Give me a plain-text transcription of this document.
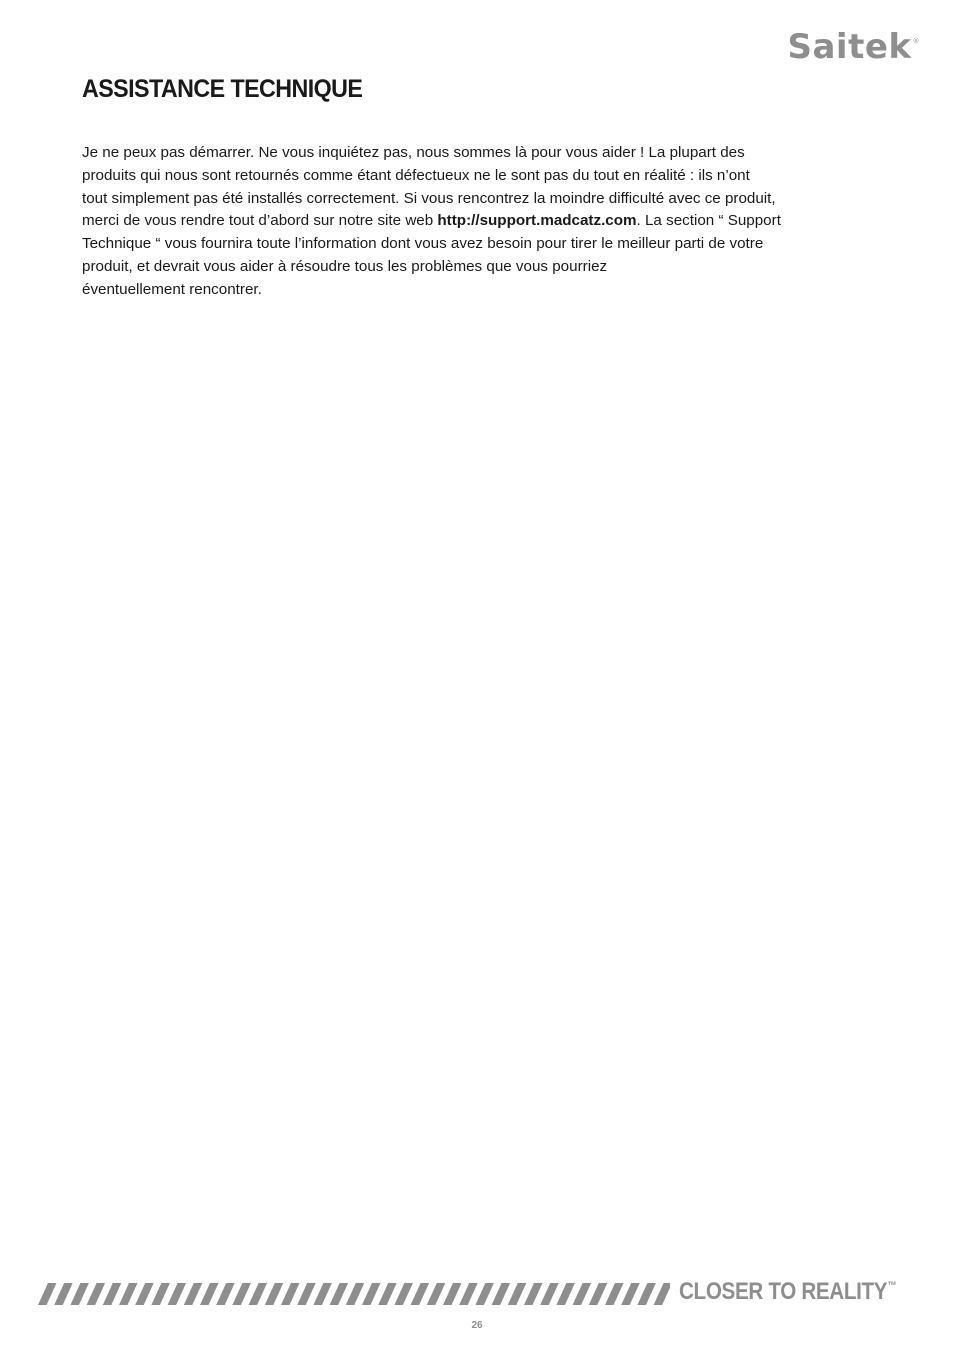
Saitek®
ASSISTANCE TECHNIQUE

Je ne peux pas démarrer. Ne vous inquiétez pas, nous sommes là pour vous aider ! La plupart des
produits qui nous sont retournés comme étant défectueux ne le sont pas du tout en réalité : ils n’ont
tout simplement pas été installés correctement. Si vous rencontrez la moindre difficulté avec ce produit,
merci de vous rendre tout d’abord sur notre site web http://support.madcatz.com. La section “ Support
Technique “ vous fournira toute l’information dont vous avez besoin pour tirer le meilleur parti de votre
produit, et devrait vous aider à résoudre tous les problèmes que vous pourriez
éventuellement rencontrer.

CLOSER TO REALITY™
26
